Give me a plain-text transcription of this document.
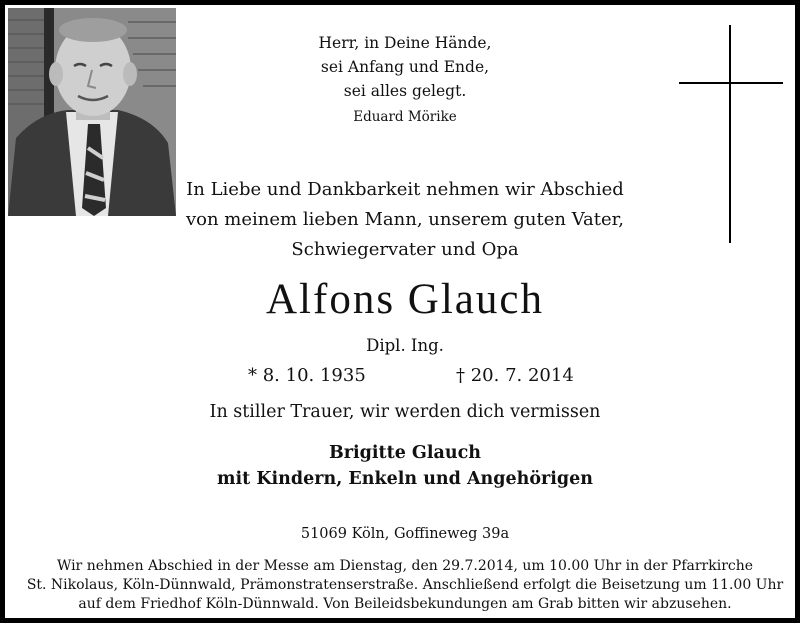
Herr, in Deine Hände,
sei Anfang und Ende,
sei alles gelegt.
Eduard Mörike
In Liebe und Dankbarkeit nehmen wir Abschied
von meinem lieben Mann, unserem guten Vater,
Schwiegervater und Opa
Alfons Glauch
Dipl. Ing.
* 8. 10. 1935	† 20. 7. 2014
In stiller Trauer, wir werden dich vermissen
Brigitte Glauch
mit Kindern, Enkeln und Angehörigen
51069 Köln, Goffineweg 39a
Wir nehmen Abschied in der Messe am Dienstag, den 29.7.2014, um 10.00 Uhr in der Pfarrkirche
St. Nikolaus, Köln-Dünnwald, Prämonstratenserstraße. Anschließend erfolgt die Beisetzung um 11.00 Uhr
auf dem Friedhof Köln-Dünnwald. Von Beileidsbekundungen am Grab bitten wir abzusehen.
